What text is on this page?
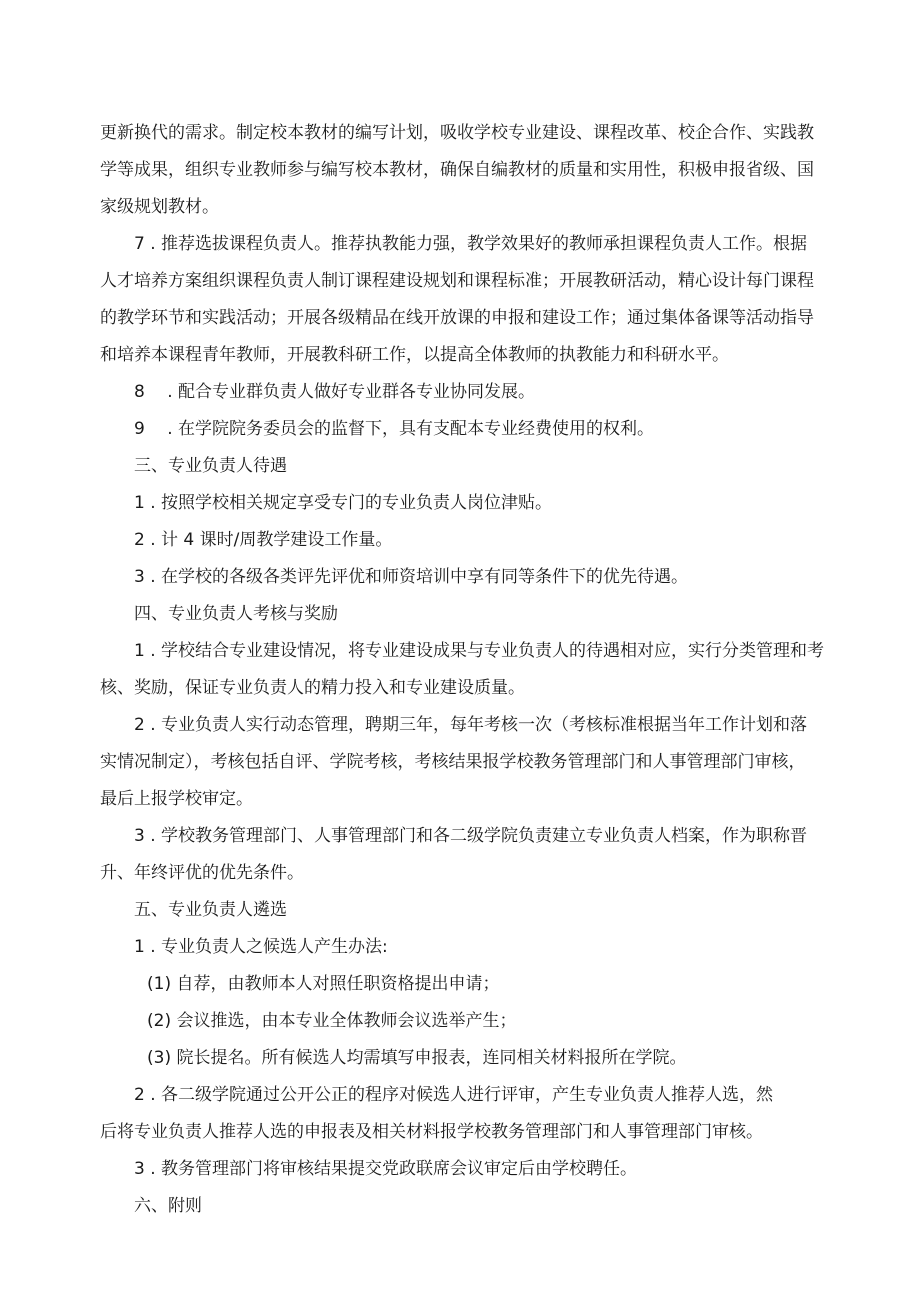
更新换代的需求。制定校本教材的编写计划，吸收学校专业建设、课程改革、校企合作、实践教
学等成果，组织专业教师参与编写校本教材，确保自编教材的质量和实用性，积极申报省级、国
家级规划教材。
7 . 推荐选拔课程负责人。推荐执教能力强，教学效果好的教师承担课程负责人工作。根据
人才培养方案组织课程负责人制订课程建设规划和课程标准；开展教研活动，精心设计每门课程
的教学环节和实践活动；开展各级精品在线开放课的申报和建设工作；通过集体备课等活动指导
和培养本课程青年教师，开展教科研工作，以提高全体教师的执教能力和科研水平。
8　 . 配合专业群负责人做好专业群各专业协同发展。
9　 . 在学院院务委员会的监督下，具有支配本专业经费使用的权利。
三、专业负责人待遇
1 . 按照学校相关规定享受专门的专业负责人岗位津贴。
2 . 计 4 课时/周教学建设工作量。
3 . 在学校的各级各类评先评优和师资培训中享有同等条件下的优先待遇。
四、专业负责人考核与奖励
1 . 学校结合专业建设情况，将专业建设成果与专业负责人的待遇相对应，实行分类管理和考
核、奖励，保证专业负责人的精力投入和专业建设质量。
2 . 专业负责人实行动态管理，聘期三年，每年考核一次（考核标准根据当年工作计划和落
实情况制定），考核包括自评、学院考核，考核结果报学校教务管理部门和人事管理部门审核，
最后上报学校审定。
3 . 学校教务管理部门、人事管理部门和各二级学院负责建立专业负责人档案，作为职称晋
升、年终评优的优先条件。
五、专业负责人遴选
1 . 专业负责人之候选人产生办法:
(1) 自荐，由教师本人对照任职资格提出申请；
(2) 会议推选，由本专业全体教师会议选举产生；
(3) 院长提名。所有候选人均需填写申报表，连同相关材料报所在学院。
2 . 各二级学院通过公开公正的程序对候选人进行评审，产生专业负责人推荐人选，然
后将专业负责人推荐人选的申报表及相关材料报学校教务管理部门和人事管理部门审核。
3 . 教务管理部门将审核结果提交党政联席会议审定后由学校聘任。
六、附则
